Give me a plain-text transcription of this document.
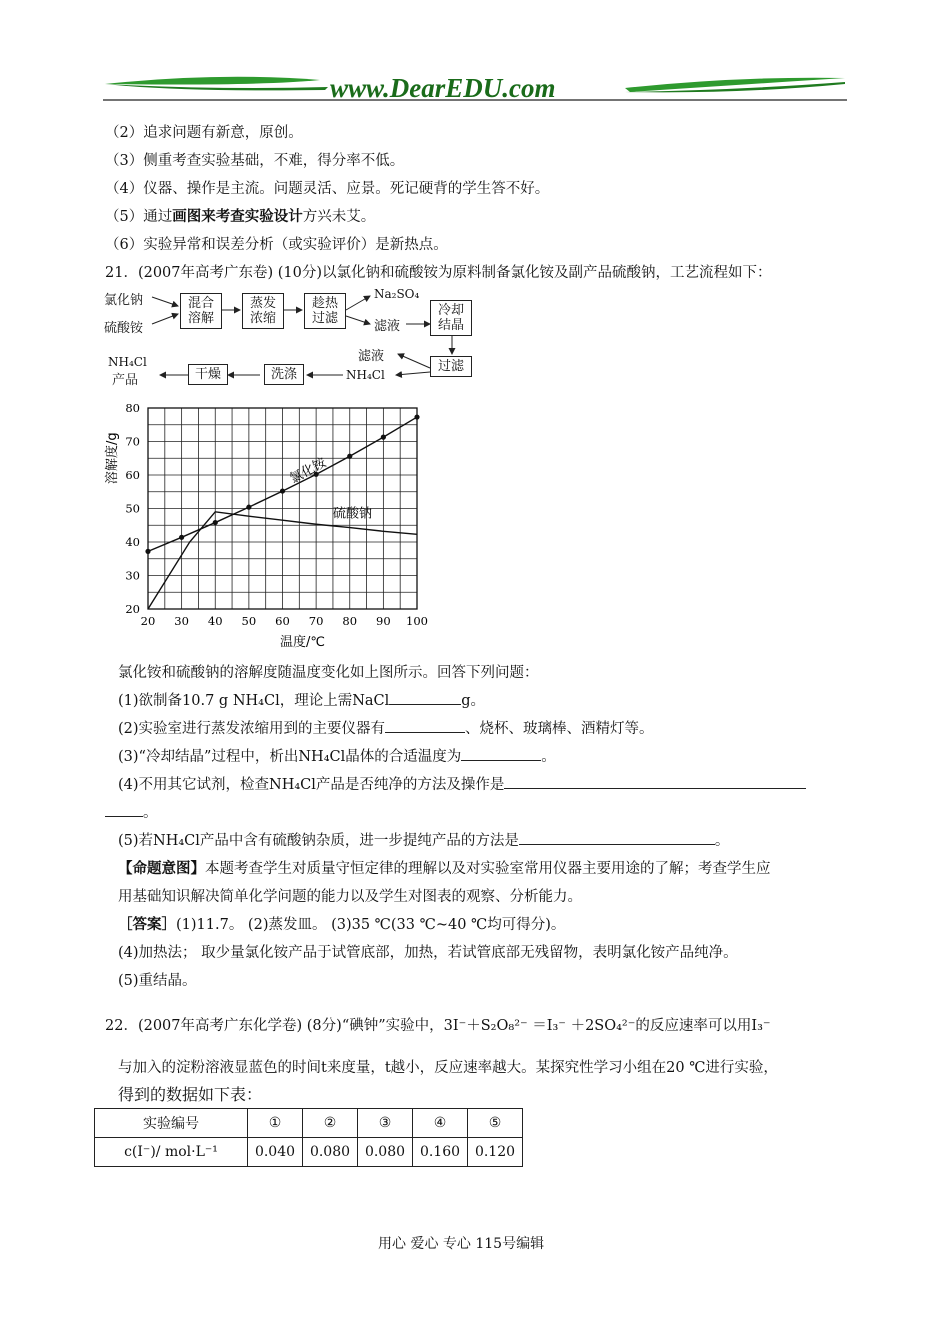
www.DearEDU.com
（2）追求问题有新意，原创。
（3）侧重考查实验基础，不难，得分率不低。
（4）仪器、操作是主流。问题灵活、应景。死记硬背的学生答不好。
（5）通过画图来考查实验设计方兴未艾。
（6）实验异常和误差分析（或实验评价）是新热点。
21．(2007年高考广东卷) (10分)以氯化钠和硫酸铵为原料制备氯化铵及副产品硫酸钠，工艺流程如下：
氯化钠
硫酸铵
混合溶解
蒸发浓缩
趁热过滤
Na₂SO₄
滤液
冷却结晶
滤液
过滤
NH₄Cl
洗涤
干燥
NH₄Cl
产品
20 30 40 50 60 70 80 90 100
20
30
40
50
60
70
80
温度/℃
溶解度/g	氯化铵
硫酸钠
氯化铵和硫酸钠的溶解度随温度变化如上图所示。回答下列问题：
(1)欲制备10.7 g NH₄Cl，理论上需NaCl	g。
(2)实验室进行蒸发浓缩用到的主要仪器有	、烧杯、玻璃棒、酒精灯等。
(3)“冷却结晶”过程中，析出NH₄Cl晶体的合适温度为	。
(4)不用其它试剂，检查NH₄Cl产品是否纯净的方法及操作是
。
(5)若NH₄Cl产品中含有硫酸钠杂质，进一步提纯产品的方法是	。
【命题意图】本题考查学生对质量守恒定律的理解以及对实验室常用仪器主要用途的了解；考查学生应
用基础知识解决简单化学问题的能力以及学生对图表的观察、分析能力。
［答案］(1)11.7。 (2)蒸发皿。 (3)35 ℃(33 ℃~40 ℃均可得分)。
(4)加热法； 取少量氯化铵产品于试管底部，加热，若试管底部无残留物，表明氯化铵产品纯净。
(5)重结晶。
22．(2007年高考广东化学卷) (8分)“碘钟”实验中，3I⁻＋S₂O₈²⁻ ＝I₃⁻ ＋2SO₄²⁻的反应速率可以用I₃⁻
与加入的淀粉溶液显蓝色的时间t来度量，t越小，反应速率越大。某探究性学习小组在20 ℃进行实验，
得到的数据如下表：
实验编号	①	②	③	④	⑤
c(I⁻)/ mol·L⁻¹	0.040	0.080	0.080	0.160	0.120
用心 爱心 专心 115号编辑
